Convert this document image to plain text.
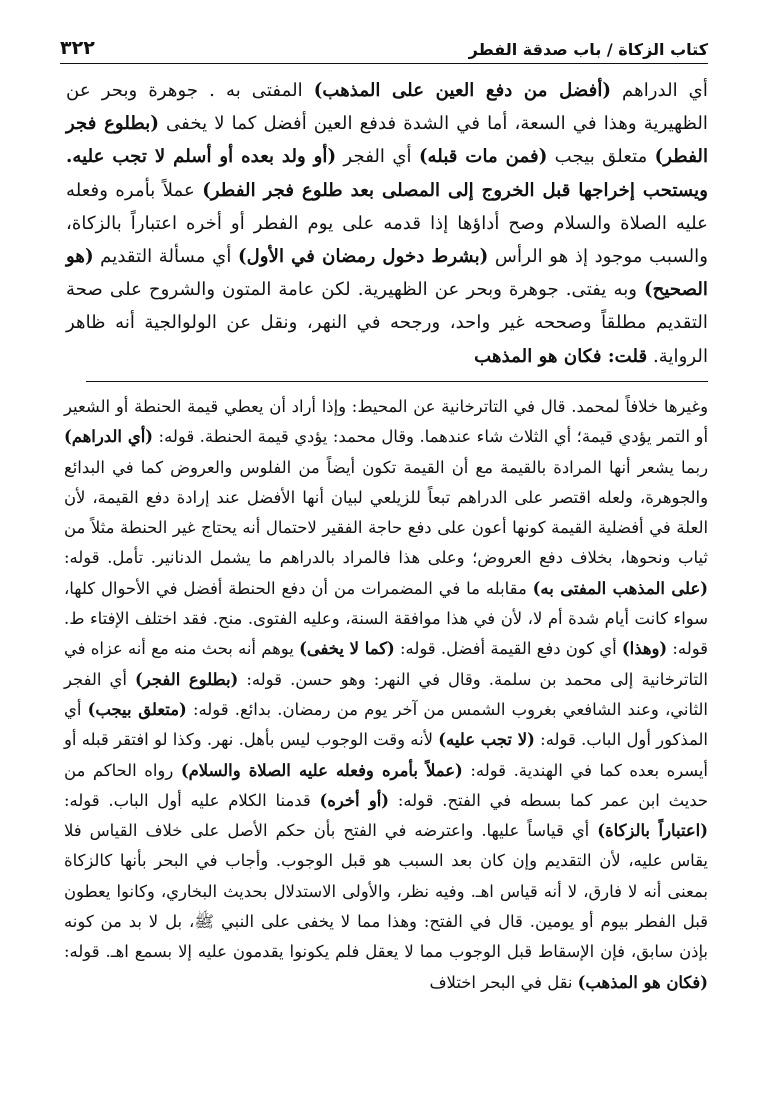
كتاب الزكاة / باب صدقة الفطر
٣٢٢

أي الدراهم (أفضل من دفع العين على المذهب) المفتى به . جوهرة وبحر عن الظهيرية وهذا في السعة، أما في الشدة فدفع العين أفضل كما لا يخفى (بطلوع فجر الفطر) متعلق بيجب (فمن مات قبله) أي الفجر (أو ولد بعده أو أسلم لا تجب عليه. ويستحب إخراجها قبل الخروج إلى المصلى بعد طلوع فجر الفطر) عملاً بأمره وفعله عليه الصلاة والسلام وصح أداؤها إذا قدمه على يوم الفطر أو أخره اعتباراً بالزكاة، والسبب موجود إذ هو الرأس (بشرط دخول رمضان في الأول) أي مسألة التقديم (هو الصحيح) وبه يفتى. جوهرة وبحر عن الظهيرية. لكن عامة المتون والشروح على صحة التقديم مطلقاً وصححه غير واحد، ورجحه في النهر، ونقل عن الولوالجية أنه ظاهر الرواية. قلت: فكان هو المذهب

وغيرها خلافاً لمحمد. قال في التاترخانية عن المحيط: وإذا أراد أن يعطي قيمة الحنطة أو الشعير أو التمر يؤدي قيمة؛ أي الثلاث شاء عندهما. وقال محمد: يؤدي قيمة الحنطة. قوله: (أي الدراهم) ربما يشعر أنها المرادة بالقيمة مع أن القيمة تكون أيضاً من الفلوس والعروض كما في البدائع والجوهرة، ولعله اقتصر على الدراهم تبعاً للزيلعي لبيان أنها الأفضل عند إرادة دفع القيمة، لأن العلة في أفضلية القيمة كونها أعون على دفع حاجة الفقير لاحتمال أنه يحتاج غير الحنطة مثلاً من ثياب ونحوها، بخلاف دفع العروض؛ وعلى هذا فالمراد بالدراهم ما يشمل الدنانير. تأمل. قوله: (على المذهب المفتى به) مقابله ما في المضمرات من أن دفع الحنطة أفضل في الأحوال كلها، سواء كانت أيام شدة أم لا، لأن في هذا موافقة السنة، وعليه الفتوى. منح. فقد اختلف الإفتاء ط. قوله: (وهذا) أي كون دفع القيمة أفضل. قوله: (كما لا يخفى) يوهم أنه بحث منه مع أنه عزاه في التاترخانية إلى محمد بن سلمة. وقال في النهر: وهو حسن. قوله: (بطلوع الفجر) أي الفجر الثاني، وعند الشافعي بغروب الشمس من آخر يوم من رمضان. بدائع. قوله: (متعلق بيجب) أي المذكور أول الباب. قوله: (لا تجب عليه) لأنه وقت الوجوب ليس بأهل. نهر. وكذا لو افتقر قبله أو أيسره بعده كما في الهندية. قوله: (عملاً بأمره وفعله عليه الصلاة والسلام) رواه الحاكم من حديث ابن عمر كما بسطه في الفتح. قوله: (أو أخره) قدمنا الكلام عليه أول الباب. قوله: (اعتباراً بالزكاة) أي قياساً عليها. واعترضه في الفتح بأن حكم الأصل على خلاف القياس فلا يقاس عليه، لأن التقديم وإن كان بعد السبب هو قبل الوجوب. وأجاب في البحر بأنها كالزكاة بمعنى أنه لا فارق، لا أنه قياس اهـ. وفيه نظر، والأولى الاستدلال بحديث البخاري، وكانوا يعطون قبل الفطر بيوم أو يومين. قال في الفتح: وهذا مما لا يخفى على النبي ﷺ، بل لا بد من كونه بإذن سابق، فإن الإسقاط قبل الوجوب مما لا يعقل فلم يكونوا يقدمون عليه إلا بسمع اهـ. قوله: (فكان هو المذهب) نقل في البحر اختلاف
